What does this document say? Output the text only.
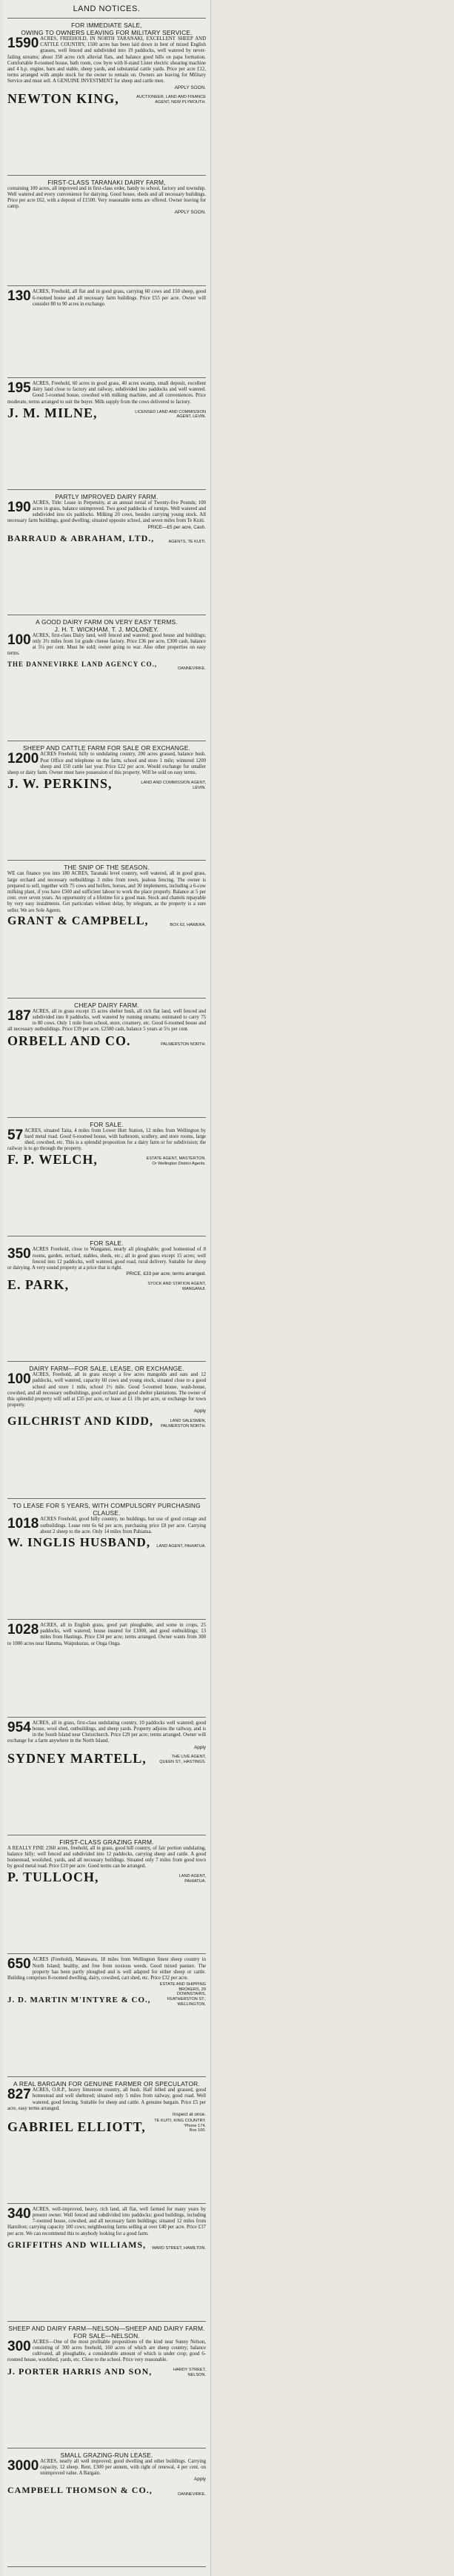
LAND NOTICES.
FOR IMMEDIATE SALE,
OWING TO OWNERS LEAVING FOR MILITARY SERVICE.
1590 ACRES, FREEHOLD, IN NORTH TARANAKI, EXCELLENT SHEEP AND CATTLE COUNTRY, 1500 acres has been laid down in best of mixed English grasses, well fenced and subdivided into 19 paddocks, well watered by never-failing streams; about 350 acres rich alluvial flats, and balance good hills on papa formation. Comfortable 8-roomed house, bath room, cow byre with 8-stand Lister electric shearing machine and 4 h.p. engine, barn and stable, sheep yards, and substantial cattle yards. Price per acre £12, terms arranged with ample stock for the owner to remain on. Owners are leaving for Military Service and must sell. A GENUINE INVESTMENT for sheep and cattle men.
APPLY SOON.
NEWTON KING,	AUCTIONEER, LAND AND FINANCE
AGENT, NEW PLYMOUTH.
FIRST-CLASS TARANAKI DAIRY FARM,
containing 100 acres, all improved and in first-class order, handy to school, factory and township. Well watered and every convenience for dairying. Good house, sheds and all necessary buildings. Price per acre £62, with a deposit of £1500. Very reasonable terms are offered. Owner leaving for camp.
APPLY SOON.
130 ACRES, Freehold, all flat and in good grass, carrying 60 cows and 150 sheep, good 6-roomed house and all necessary farm buildings. Price £55 per acre. Owner will consider 80 to 90 acres in exchange.
195 ACRES, Freehold, 60 acres in good grass, 40 acres swamp, small deposit, excellent dairy land close to factory and railway, subdivided into paddocks and well watered. Good 5-roomed house, cowshed with milking machine, and all conveniences. Price moderate, terms arranged to suit the buyer. Milk supply from the cows delivered to factory.
J. M. MILNE,	LICENSED LAND AND COMMISSION
AGENT, LEVIN.
PARTLY IMPROVED DAIRY FARM.
190 ACRES, Title: Lease in Perpetuity, at an annual rental of Twenty-five Pounds; 100 acres in grass, balance unimproved. Two good paddocks of turnips. Well watered and subdivided into six paddocks. Milking 20 cows, besides carrying young stock. All necessary farm buildings, good dwelling; situated opposite school, and seven miles from Te Kuiti.
PRICE—£5 per acre, Cash.
BARRAUD & ABRAHAM, LTD.,	AGENTS, TE KUITI.
A GOOD DAIRY FARM ON VERY EASY TERMS.
J. H. T. WICKHAM. T. J. MOLONEY.
100 ACRES, first-class Dairy land, well fenced and watered; good house and buildings; only 3½ miles from 1st grade cheese factory. Price £36 per acre, £300 cash, balance at 5½ per cent. Must be sold; owner going to war. Also other properties on easy terms.
THE DANNEVIRKE LAND AGENCY CO.,
DANNEVIRKE.
SHEEP AND CATTLE FARM FOR SALE OR EXCHANGE.
1200 ACRES Freehold, hilly to undulating country, 200 acres grassed, balance bush. Post Office and telephone on the farm, school and store 1 mile; wintered 1200 sheep and 150 cattle last year. Price £22 per acre. Would exchange for smaller sheep or dairy farm. Owner must have possession of this property. Will be sold on easy terms.
J. W. PERKINS,	LAND AND COMMISSION AGENT,
LEVIN.
THE SNIP OF THE SEASON.
WE can finance you into 180 ACRES, Taranaki level country, well watered, all in good grass, large orchard and necessary outbuildings 3 miles from town, jealous fencing. The owner is prepared to sell, together with 75 cows and heifers, horses, and 30 implements, including a 6-cow milking plant, if you have £500 and sufficient labour to work the place properly. Balance at 5 per cent. over seven years. An opportunity of a lifetime for a good man. Stock and chattels repayable by very easy instalments. Get particulars without delay, by telegram, as the property is a sure seller. We are Sole Agents.
GRANT & CAMPBELL,	BOX 62, HAWERA.
CHEAP DAIRY FARM.
187 ACRES, all in grass except 15 acres shelter bush, all rich flat land, well fenced and subdivided into 8 paddocks, well watered by running streams; estimated to carry 75 to 80 cows. Only 1 mile from school, store, creamery, etc. Good 6-roomed house and all necessary outbuildings. Price £39 per acre, £2500 cash, balance 5 years at 5¼ per cent.
ORBELL AND CO.	PALMERSTON NORTH.
FOR SALE.
57 ACRES, situated Taita, 4 miles from Lower Hutt Station, 12 miles from Wellington by hard metal road. Good 6-roomed house, with bathroom, scullery, and store rooms, large shed, cowshed, etc. This is a splendid proposition for a dairy farm or for subdivision; the railway is to go through the property.
F. P. WELCH,	ESTATE AGENT, MASTERTON.
Or Wellington District Agents.
FOR SALE.
350 ACRES Freehold, close to Wanganui, nearly all ploughable; good homestead of 8 rooms, garden, orchard, stables, sheds, etc.; all in good grass except 15 acres; well fenced into 12 paddocks, well watered, good road, rural delivery. Suitable for sheep or dairying. A very sound property at a price that is right.
PRICE, £33 per acre; terms arranged.
E. PARK,	STOCK AND STATION AGENT,
WANGANUI.
DAIRY FARM—FOR SALE, LEASE, OR EXCHANGE.
100 ACRES, Freehold, all in grass except a few acres mangolds and oats and 12 paddocks, well watered, capacity 60 cows and young stock, situated close to a good school and store 1 mile, school 1½ mile. Good 5-roomed house, wash-house, cowshed, and all necessary outbuildings, good orchard and good shelter plantations. The owner of this splendid property will sell at £35 per acre, or lease at £1 10s per acre, or exchange for town property.
Apply
GILCHRIST AND KIDD,	LAND SALESMEN, PALMERSTON NORTH.
TO LEASE FOR 5 YEARS, WITH COMPULSORY PURCHASING CLAUSE.
1018 ACRES Freehold, good hilly country, no buildings, but use of good cottage and outbuildings. Lease rent 6s 6d per acre, purchasing price £8 per acre. Carrying about 2 sheep to the acre. Only 14 miles from Pahiatua.
W. INGLIS HUSBAND, LAND AGENT, PAHIATUA.
1028 ACRES, all in English grass, good part ploughable, and some in crops, 25 paddocks, well watered; house insured for £1000, and good outbuildings; 13 miles from Hastings. Price £34 per acre; terms arranged. Owner wants from 300 to 1000 acres near Hatuma, Waipukurau, or Onga Onga.
954 ACRES, all in grass, first-class undulating country, 10 paddocks well watered; good house, wool shed, outbuildings, and sheep yards. Property adjoins the railway, and is in the South Island near Christchurch. Price £29 per acre; terms arranged. Owner will exchange for a farm anywhere in the North Island.
Apply
SYDNEY MARTELL,	THE LIVE AGENT,
QUEEN ST., HASTINGS.
FIRST-CLASS GRAZING FARM.
A REALLY FINE 2360 acres, freehold, all in grass, good hill country, of fair portion undulating, balance hilly; well fenced and subdivided into 12 paddocks, carrying sheep and cattle. A good homestead, woolshed, yards, and all necessary buildings. Situated only 7 miles from good town by good metal road. Price £10 per acre. Good terms can be arranged.
P. TULLOCH,	LAND AGENT,
PAHIATUA.
650 ACRES (Freehold), Manawatu, 18 miles from Wellington finest sheep country in North Island; healthy, and free from noxious weeds. Good mixed pasture. The property has been partly ploughed and is well adapted for either sheep or cattle. Building comprises 8-roomed dwelling, dairy, cowshed, cart shed, etc. Price £32 per acre.
J. D. MARTIN M'INTYRE & CO.,
ESTATE AND SHIPPING BROKERS, 29 DOWNSTAIRS, FEATHERSTON ST., WELLINGTON.
A REAL BARGAIN FOR GENUINE FARMER OR SPECULATOR.
827 ACRES, O.R.P., heavy limestone country, all bush. Half felled and grassed, good homestead and well sheltered; situated only 5 miles from railway, good road. Well watered, good fencing. Suitable for sheep and cattle. A genuine bargain. Price £5 per acre, easy terms arranged.
Inspect at once.
GABRIEL ELLIOTT,	TE KUITI, KING COUNTRY. 'Phone 174.
Box 100.
340 ACRES, well-improved, heavy, rich land, all flat, well farmed for many years by present owner. Well fenced and subdivided into paddocks; good buildings, including 7-roomed house, cowshed, and all necessary farm buildings; situated 12 miles from Hamilton; carrying capacity 100 cows; neighbouring farms selling at over £40 per acre. Price £37 per acre. We can recommend this to anybody looking for a good farm.
GRIFFITHS AND WILLIAMS, WARD STREET, HAMILTON.
SHEEP AND DAIRY FARM—NELSON—SHEEP AND DAIRY FARM.
FOR SALE—NELSON.
300 ACRES—One of the most profitable propositions of the kind near Sunny Nelson, consisting of 300 acres freehold, 160 acres of which are sheep country; balance cultivated, all ploughable, a considerable amount of which is under crop; good 6-roomed house, woolshed, yards, etc. Close to the school. Price very reasonable.
J. PORTER HARRIS AND SON,	HARDY STREET, NELSON.
SMALL GRAZING-RUN LEASE.
3000 ACRES, nearly all well improved; good dwelling and other buildings. Carrying capacity, 12 sheep. Rent, £300 per annum, with right of renewal, 4 per cent. on unimproved value. A Bargain.
Apply
CAMPBELL THOMSON & CO.,	DANNEVIRKE.
